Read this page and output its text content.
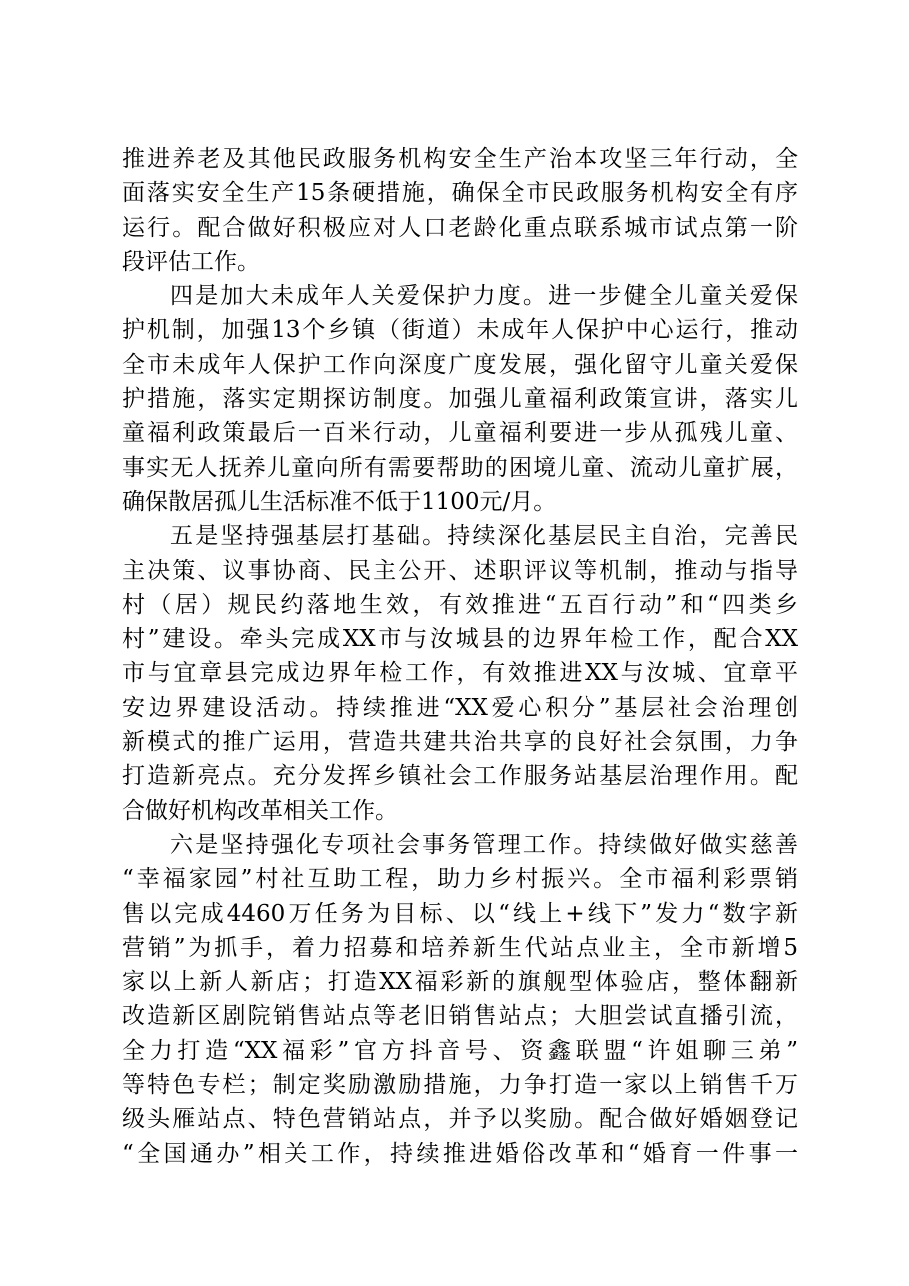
推进养老及其他民政服务机构安全生产治本攻坚三年行动，全
面落实安全生产15条硬措施，确保全市民政服务机构安全有序
运行。配合做好积极应对人口老龄化重点联系城市试点第一阶
段评估工作。
四是加大未成年人关爱保护力度。进一步健全儿童关爱保
护机制，加强13个乡镇（街道）未成年人保护中心运行，推动
全市未成年人保护工作向深度广度发展，强化留守儿童关爱保
护措施，落实定期探访制度。加强儿童福利政策宣讲，落实儿
童福利政策最后一百米行动，儿童福利要进一步从孤残儿童、
事实无人抚养儿童向所有需要帮助的困境儿童、流动儿童扩展，
确保散居孤儿生活标准不低于1100元/月。
五是坚持强基层打基础。持续深化基层民主自治，完善民
主决策、议事协商、民主公开、述职评议等机制，推动与指导
村（居）规民约落地生效，有效推进“五百行动”和“四类乡
村”建设。牵头完成XX市与汝城县的边界年检工作，配合XX
市与宜章县完成边界年检工作，有效推进XX与汝城、宜章平
安边界建设活动。持续推进“XX爱心积分”基层社会治理创
新模式的推广运用，营造共建共治共享的良好社会氛围，力争
打造新亮点。充分发挥乡镇社会工作服务站基层治理作用。配
合做好机构改革相关工作。
六是坚持强化专项社会事务管理工作。持续做好做实慈善
“幸福家园”村社互助工程，助力乡村振兴。全市福利彩票销
售以完成4460万任务为目标、以“线上+线下”发力“数字新
营销”为抓手，着力招募和培养新生代站点业主，全市新增5
家以上新人新店；打造XX福彩新的旗舰型体验店，整体翻新
改造新区剧院销售站点等老旧销售站点；大胆尝试直播引流，
全力打造“XX福彩”官方抖音号、资鑫联盟“许姐聊三弟”
等特色专栏；制定奖励激励措施，力争打造一家以上销售千万
级头雁站点、特色营销站点，并予以奖励。配合做好婚姻登记
“全国通办”相关工作，持续推进婚俗改革和“婚育一件事一
